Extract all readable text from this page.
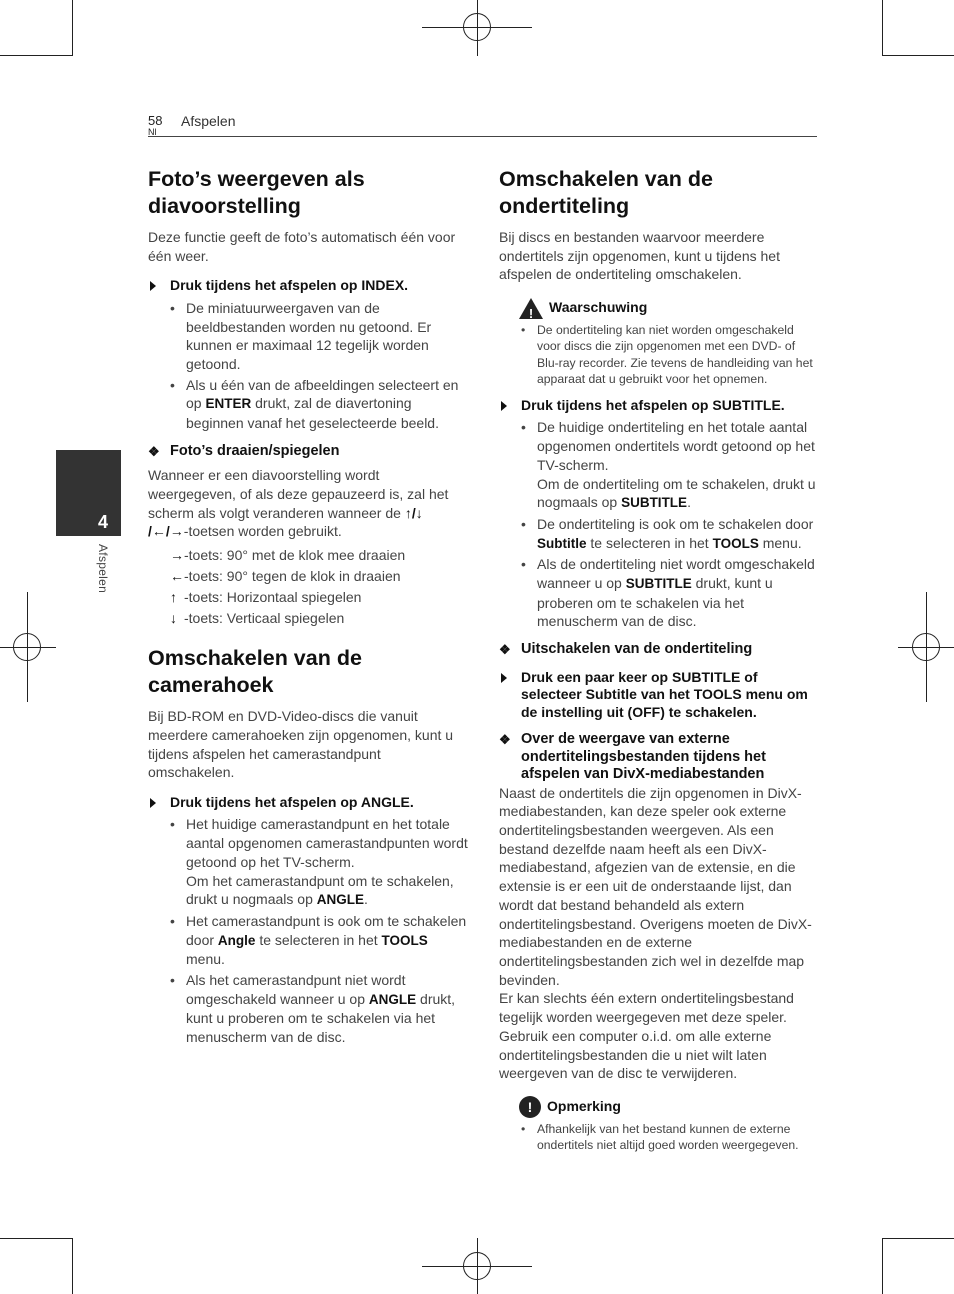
58
Nl
Afspelen
4
Afspelen
Foto’s weergeven als diavoorstelling

Deze functie geeft de foto’s automatisch één voor één weer.

Druk tijdens het afspelen op INDEX.
• De miniatuurweergaven van de beeldbestanden worden nu getoond. Er kunnen er maximaal 12 tegelijk worden getoond.
• Als u één van de afbeeldingen selecteert en op ENTER drukt, zal de diavertoning beginnen vanaf het geselecteerde beeld.
❖ Foto’s draaien/spiegelen

Wanneer er een diavoorstelling wordt weergegeven, of als deze gepauzeerd is, zal het scherm als volgt veranderen wanneer de ↑/↓
/←/→-toetsen worden gebruikt.

→-toets: 90° met de klok mee draaien
←-toets: 90° tegen de klok in draaien
↑ -toets: Horizontaal spiegelen
↓ -toets: Verticaal spiegelen
Omschakelen van de camerahoek

Bij BD-ROM en DVD-Video-discs die vanuit meerdere camerahoeken zijn opgenomen, kunt u tijdens afspelen het camerastandpunt omschakelen.

Druk tijdens het afspelen op ANGLE.
• Het huidige camerastandpunt en het totale aantal opgenomen camerastandpunten wordt getoond op het TV-scherm.
Om het camerastandpunt om te schakelen, drukt u nogmaals op ANGLE.
• Het camerastandpunt is ook om te schakelen door Angle te selecteren in het TOOLS menu.
• Als het camerastandpunt niet wordt omgeschakeld wanneer u op ANGLE drukt, kunt u proberen om te schakelen via het menuscherm van de disc.
Omschakelen van de ondertiteling

Bij discs en bestanden waarvoor meerdere ondertitels zijn opgenomen, kunt u tijdens het afspelen de ondertiteling omschakelen.

! Waarschuwing
• De ondertiteling kan niet worden omgeschakeld voor discs die zijn opgenomen met een DVD- of Blu-ray recorder. Zie tevens de handleiding van het apparaat dat u gebruikt voor het opnemen.
Druk tijdens het afspelen op SUBTITLE.
• De huidige ondertiteling en het totale aantal opgenomen ondertitels wordt getoond op het TV-scherm.
Om de ondertiteling om te schakelen, drukt u nogmaals op SUBTITLE.
• De ondertiteling is ook om te schakelen door Subtitle te selecteren in het TOOLS menu.
• Als de ondertiteling niet wordt omgeschakeld wanneer u op SUBTITLE drukt, kunt u proberen om te schakelen via het menuscherm van de disc.
❖ Uitschakelen van de ondertiteling
Druk een paar keer op SUBTITLE of selecteer Subtitle van het TOOLS menu om de instelling uit (OFF) te schakelen.
❖ Over de weergave van externe ondertitelingsbestanden tijdens het afspelen van DivX-mediabestanden

Naast de ondertitels die zijn opgenomen in DivX-mediabestanden, kan deze speler ook externe ondertitelingsbestanden weergeven. Als een bestand dezelfde naam heeft als een DivX-mediabestand, afgezien van de extensie, en die extensie is er een uit de onderstaande lijst, dan wordt dat bestand behandeld als extern ondertitelingsbestand. Overigens moeten de DivX-mediabestanden en de externe ondertitelingsbestanden zich wel in dezelfde map bevinden.

Er kan slechts één extern ondertitelingsbestand tegelijk worden weergegeven met deze speler. Gebruik een computer o.i.d. om alle externe ondertitelingsbestanden die u niet wilt laten weergeven van de disc te verwijderen.

! Opmerking
• Afhankelijk van het bestand kunnen de externe ondertitels niet altijd goed worden weergegeven.
